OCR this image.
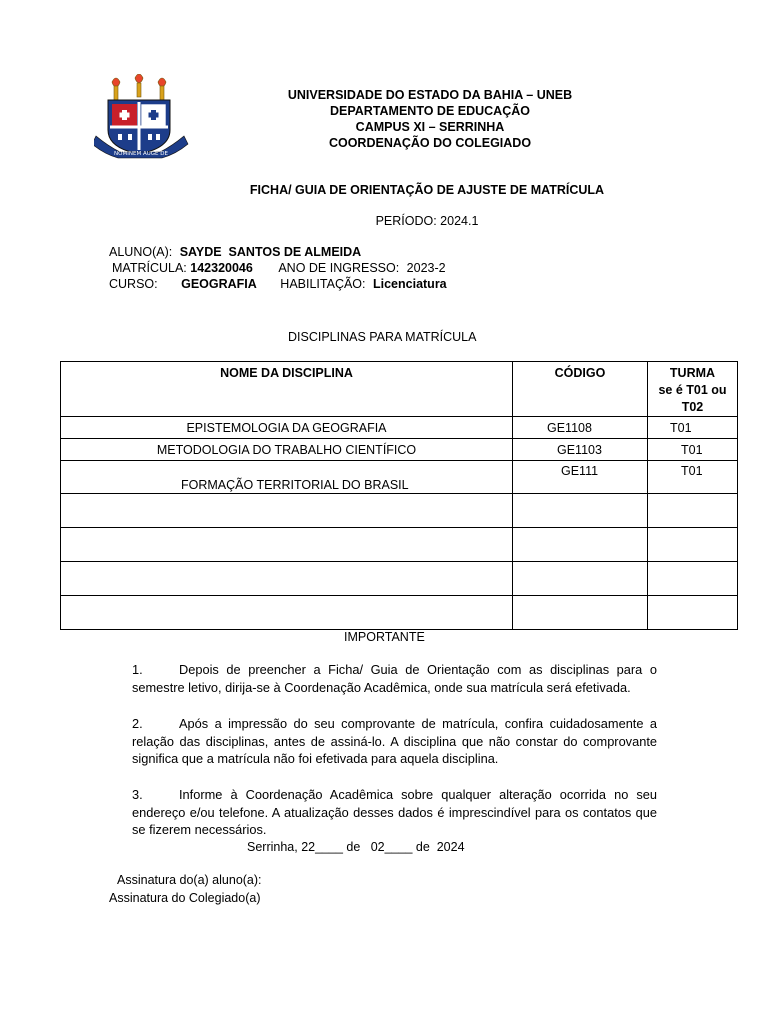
NOMINEM AUGE DE
UNIVERSIDADE DO ESTADO DA BAHIA – UNEB
DEPARTAMENTO DE EDUCAÇÃO
CAMPUS XI – SERRINHA
COORDENAÇÃO DO COLEGIADO
FICHA/ GUIA DE ORIENTAÇÃO DE AJUSTE DE MATRÍCULA
PERÍODO: 2024.1
ALUNO(A): SAYDE  SANTOS DE ALMEIDA
MATRÍCULA: 142320046 ANO DE INGRESSO: 2023-2
CURSO: GEOGRAFIA HABILITAÇÃO: Licenciatura
DISCIPLINAS PARA MATRÍCULA
NOME DA DISCIPLINA	CÓDIGO	TURMA
se é T01 ou
T02

EPISTEMOLOGIA DA GEOGRAFIA	GE1108	T01
METODOLOGIA DO TRABALHO CIENTÍFICO	GE1103	T01
FORMAÇÃO TERRITORIAL DO BRASIL	GE111	T01

IMPORTANTE
1.	Depois de preencher a Ficha/ Guia de Orientação com as disciplinas para o semestre letivo, dirija-se à Coordenação Acadêmica, onde sua matrícula será efetivada.
2.	Após a impressão do seu comprovante de matrícula, confira cuidadosamente a relação das disciplinas, antes de assiná-lo. A disciplina que não constar do comprovante significa que a matrícula não foi efetivada para aquela disciplina.
3.	Informe à Coordenação Acadêmica sobre qualquer alteração ocorrida no seu endereço e/ou telefone. A atualização desses dados é imprescindível para os contatos que se fizerem necessários.
Serrinha, 22____ de   02____ de  2024
Assinatura do(a) aluno(a):
Assinatura do Colegiado(a)
